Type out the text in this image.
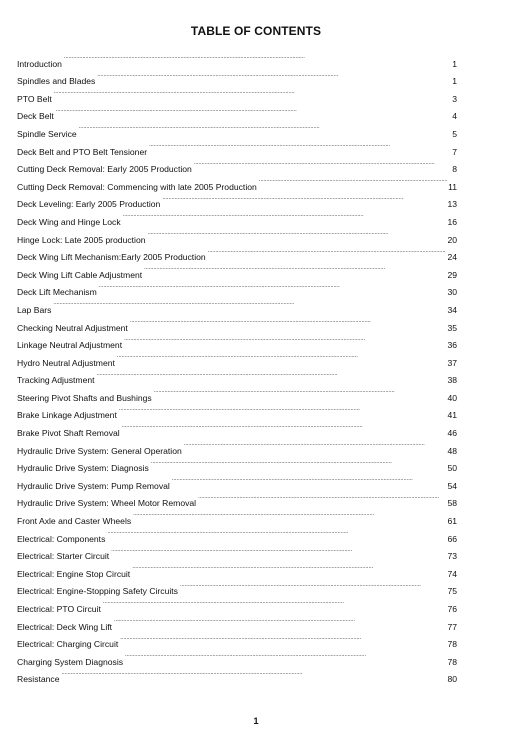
TABLE OF CONTENTS
Introduction . . .	1
Spindles and Blades . . .	1
PTO Belt . . .	3
Deck Belt . . .	4
Spindle Service . . .	5
Deck Belt and PTO Belt Tensioner . . .	7
Cutting Deck Removal: Early 2005 Production . . .	8
Cutting Deck Removal: Commencing with late 2005 Production . . .	11
Deck Leveling: Early 2005 Production . . .	13
Deck Wing and Hinge Lock . . .	16
Hinge Lock: Late 2005 production . . .	20
Deck Wing Lift Mechanism:Early 2005 Production . . .	24
Deck Wing Lift Cable Adjustment . . .	29
Deck Lift Mechanism . . .	30
Lap Bars . . .	34
Checking Neutral Adjustment . . .	35
Linkage Neutral Adjustment . . .	36
Hydro Neutral Adjustment . . .	37
Tracking Adjustment . . .	38
Steering Pivot Shafts and Bushings . . .	40
Brake Linkage Adjustment . . .	41
Brake Pivot Shaft Removal . . .	46
Hydraulic Drive System: General Operation . . .	48
Hydraulic Drive System: Diagnosis . . .	50
Hydraulic Drive System: Pump Removal . . .	54
Hydraulic Drive System: Wheel Motor Removal . . .	58
Front Axle and Caster Wheels . . .	61
Electrical: Components . . .	66
Electrical: Starter Circuit . . .	73
Electrical: Engine Stop Circuit . . .	74
Electrical: Engine-Stopping Safety Circuits . . .	75
Electrical: PTO Circuit . . .	76
Electrical: Deck Wing Lift . . .	77
Electrical: Charging Circuit . . .	78
Charging System Diagnosis . . .	78
Resistance . . .	80
1
